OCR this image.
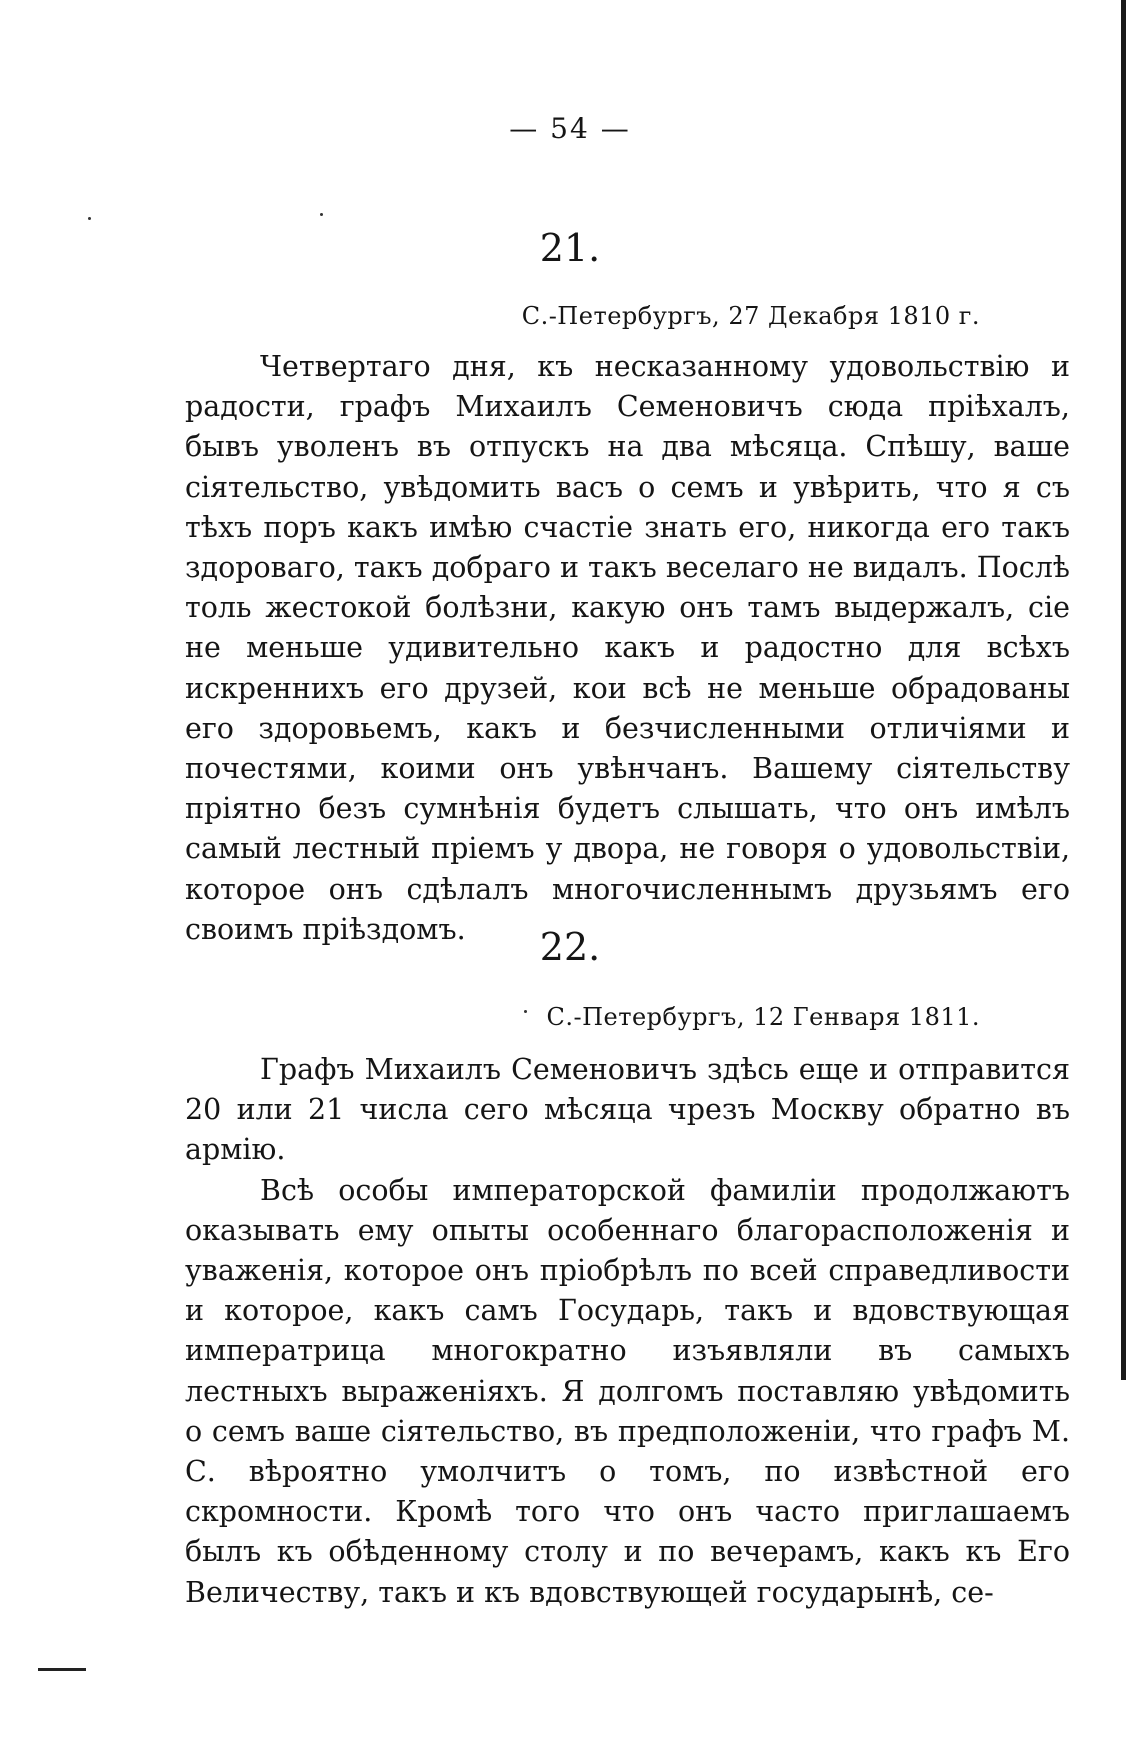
— 54 —
21.
С.-Петербургъ, 27 Декабря 1810 г.

Четвертаго дня, къ несказанному удовольствію и радости, графъ Михаилъ Семеновичъ сюда пріѣхалъ, бывъ уволенъ въ отпускъ на два мѣсяца. Спѣшу, ваше сіятельство, увѣдомить васъ о семъ и увѣрить, что я съ тѣхъ поръ какъ имѣю счастіе знать его, никогда его такъ здороваго, такъ добраго и такъ веселаго не видалъ. Послѣ толь жестокой болѣзни, какую онъ тамъ выдержалъ, сіе не меньше удивительно какъ и радостно для всѣхъ искреннихъ его друзей, кои всѣ не меньше обрадованы его здоровьемъ, какъ и безчисленными отличіями и почестями, коими онъ увѣнчанъ. Вашему сіятельству пріятно безъ сумнѣнія будетъ слышать, что онъ имѣлъ самый лестный пріемъ у двора, не говоря о удовольствіи, которое онъ сдѣлалъ многочисленнымъ друзьямъ его своимъ пріѣздомъ.	22.
С.-Петербургъ, 12 Генваря 1811.

Графъ Михаилъ Семеновичъ здѣсь еще и отправится 20 или 21 числа сего мѣсяца чрезъ Москву обратно въ армію.

Всѣ особы императорской фамиліи продолжаютъ оказывать ему опыты особеннаго благорасположенія и уваженія, которое онъ пріобрѣлъ по всей справедливости и которое, какъ самъ Государь, такъ и вдовствующая императрица многократно изъявляли въ самыхъ лестныхъ выраженіяхъ. Я долгомъ поставляю увѣдомить о семъ ваше сіятельство, въ предположеніи, что графъ М. С. вѣроятно умолчитъ о томъ, по извѣстной его скромности. Кромѣ того что онъ часто приглашаемъ былъ къ обѣденному столу и по вечерамъ, какъ къ Его Величеству, такъ и къ вдовствующей государынѣ, се-
